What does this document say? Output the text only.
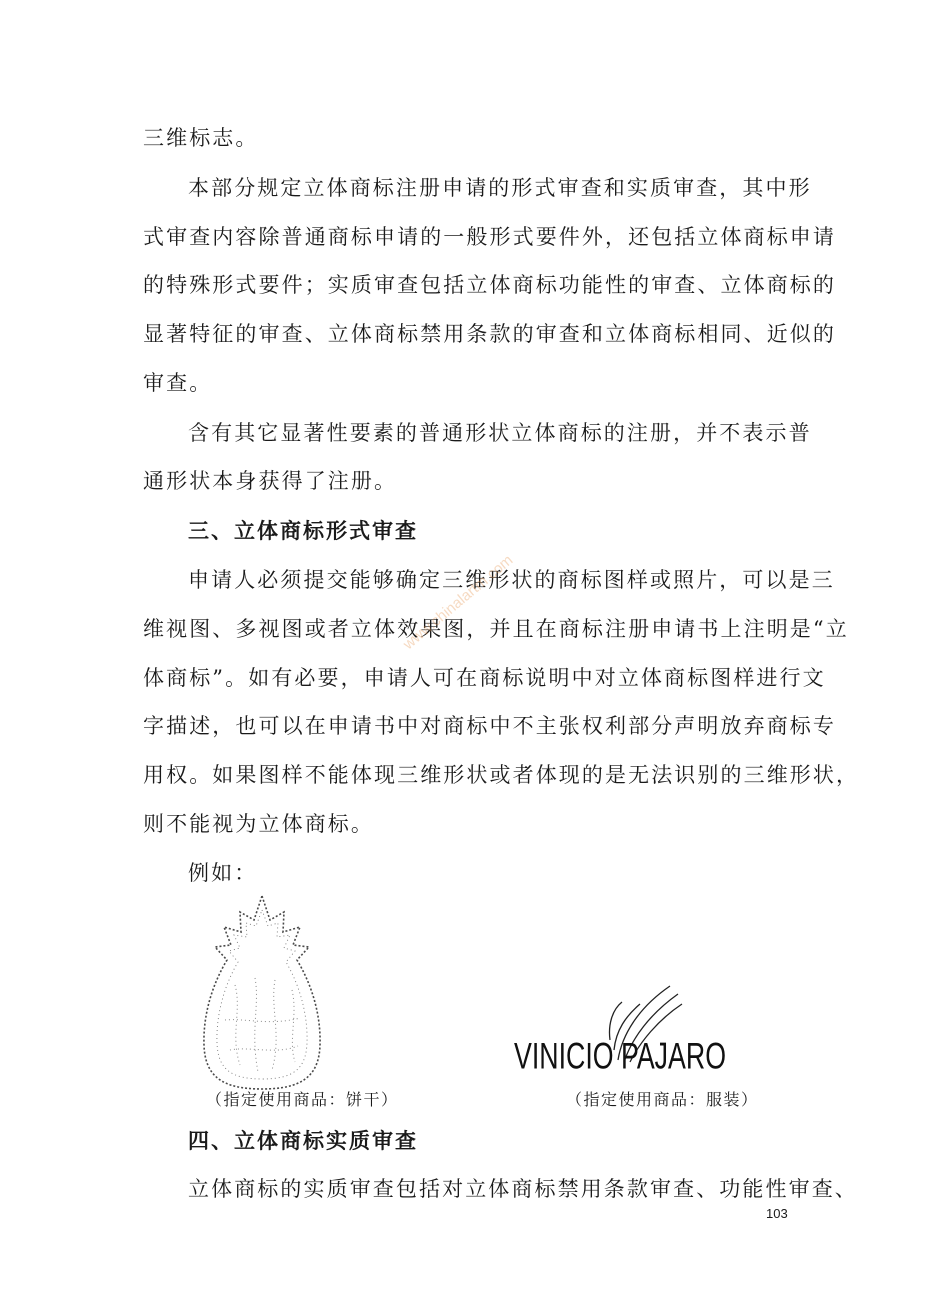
三维标志。

本部分规定立体商标注册申请的形式审查和实质审查，其中形

式审查内容除普通商标申请的一般形式要件外，还包括立体商标申请

的特殊形式要件；实质审查包括立体商标功能性的审查、立体商标的

显著特征的审查、立体商标禁用条款的审查和立体商标相同、近似的

审查。

含有其它显著性要素的普通形状立体商标的注册，并不表示普

通形状本身获得了注册。

三、立体商标形式审查

申请人必须提交能够确定三维形状的商标图样或照片，可以是三

维视图、多视图或者立体效果图，并且在商标注册申请书上注明是“立

体商标”。如有必要，申请人可在商标说明中对立体商标图样进行文

字描述，也可以在申请书中对商标中不主张权利部分声明放弃商标专

用权。如果图样不能体现三维形状或者体现的是无法识别的三维形状，

则不能视为立体商标。

例如：

www.chinalartm.com

（指定使用商品：饼干）

VINICIO PAJARO

（指定使用商品：服装）

四、立体商标实质审查

立体商标的实质审查包括对立体商标禁用条款审查、功能性审查、

103
